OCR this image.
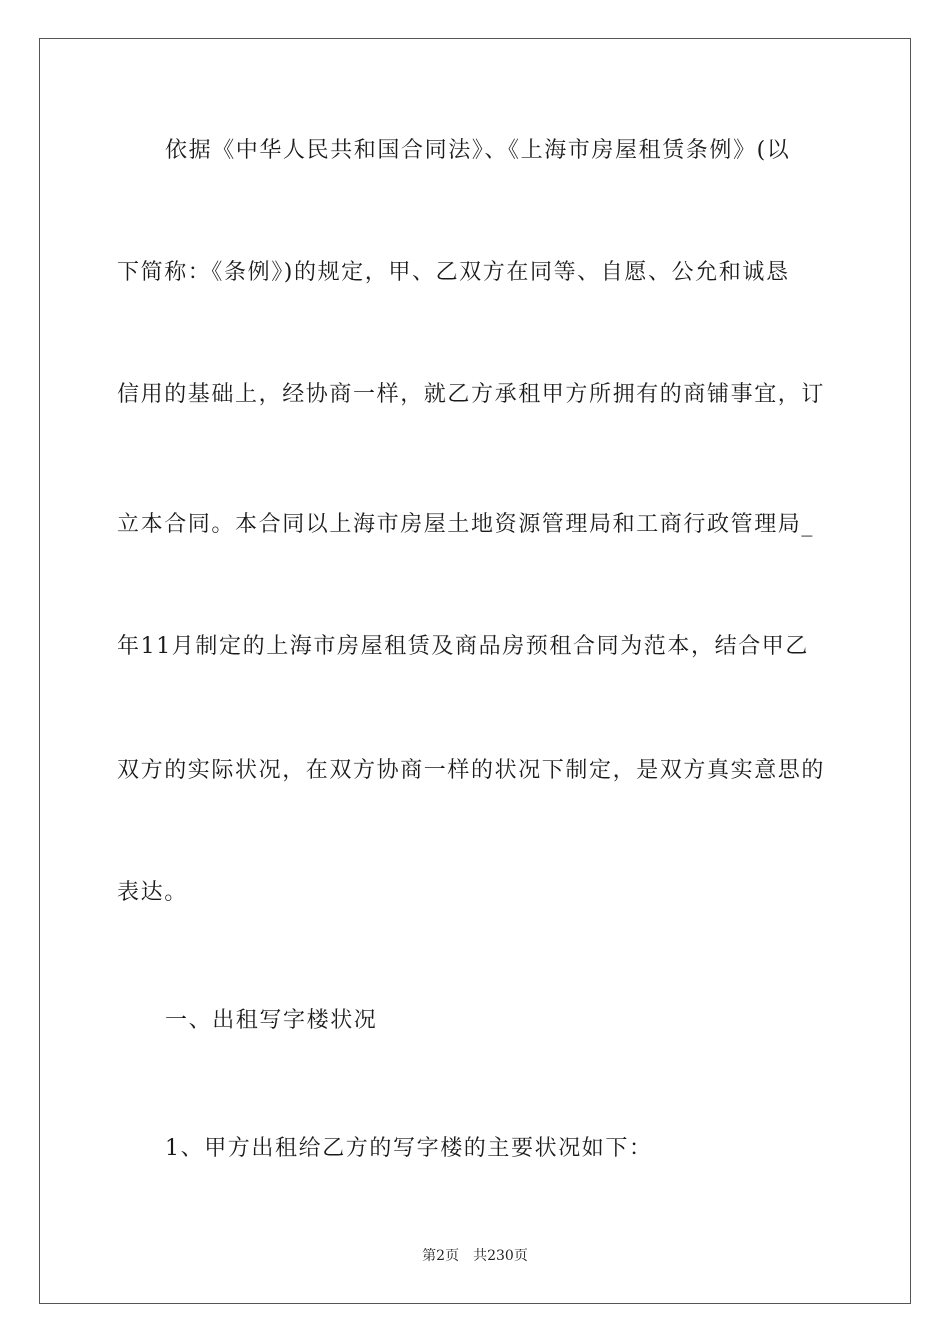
依据《中华人民共和国合同法》、《上海市房屋租赁条例》(以
下简称：《条例》)的规定，甲、乙双方在同等、自愿、公允和诚恳
信用的基础上，经协商一样，就乙方承租甲方所拥有的商铺事宜，订
立本合同。本合同以上海市房屋土地资源管理局和工商行政管理局_
年11月制定的上海市房屋租赁及商品房预租合同为范本，结合甲乙
双方的实际状况，在双方协商一样的状况下制定，是双方真实意思的
表达。
一、出租写字楼状况
1、甲方出租给乙方的写字楼的主要状况如下：
第2页 共230页
